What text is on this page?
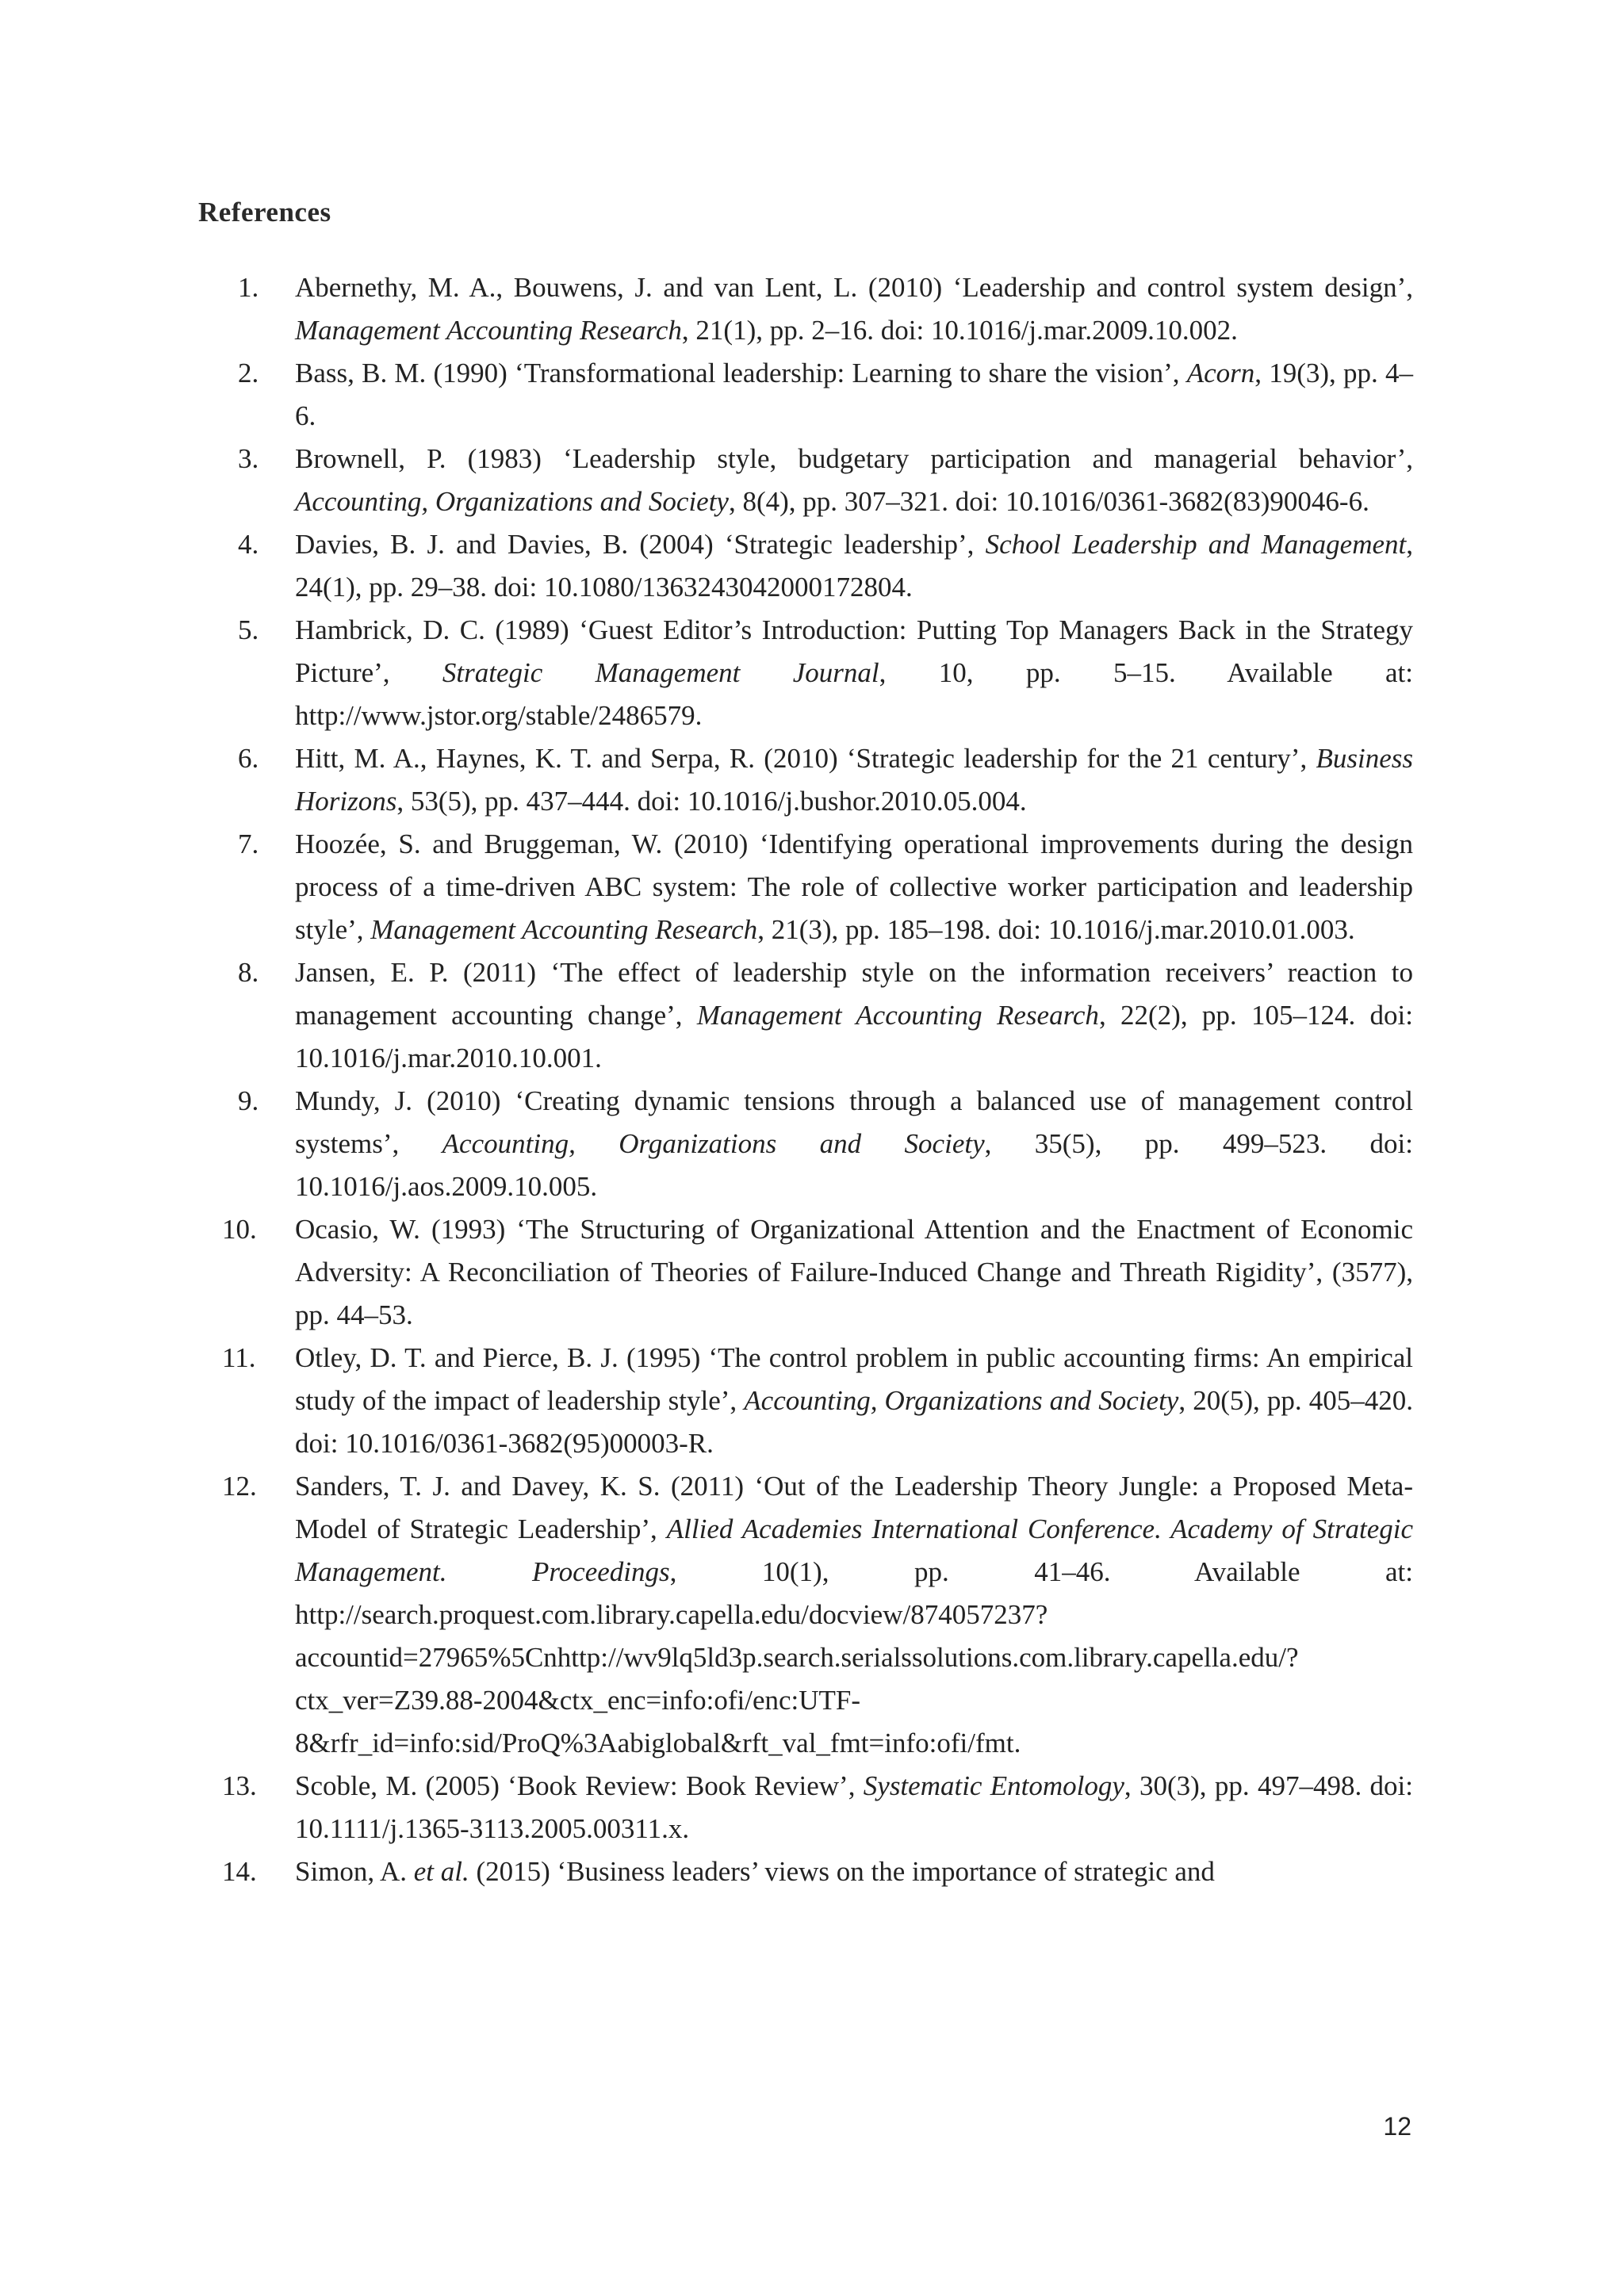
References
1.	Abernethy, M. A., Bouwens, J. and van Lent, L. (2010) ‘Leadership and control system design’, Management Accounting Research, 21(1), pp. 2–16. doi: 10.1016/j.mar.2009.10.002.
2.	Bass, B. M. (1990) ‘Transformational leadership: Learning to share the vision’, Acorn, 19(3), pp. 4–6.
3.	Brownell, P. (1983) ‘Leadership style, budgetary participation and managerial behavior’, Accounting, Organizations and Society, 8(4), pp. 307–321. doi: 10.1016/0361-3682(83)90046-6.
4.	Davies, B. J. and Davies, B. (2004) ‘Strategic leadership’, School Leadership and Management, 24(1), pp. 29–38. doi: 10.1080/1363243042000172804.
5.	Hambrick, D. C. (1989) ‘Guest Editor’s Introduction: Putting Top Managers Back in the Strategy Picture’, Strategic Management Journal, 10, pp. 5–15. Available at: http://www.jstor.org/stable/2486579.
6.	Hitt, M. A., Haynes, K. T. and Serpa, R. (2010) ‘Strategic leadership for the 21 century’, Business Horizons, 53(5), pp. 437–444. doi: 10.1016/j.bushor.2010.05.004.
7.	Hoozée, S. and Bruggeman, W. (2010) ‘Identifying operational improvements during the design process of a time-driven ABC system: The role of collective worker participation and leadership style’, Management Accounting Research, 21(3), pp. 185–198. doi: 10.1016/j.mar.2010.01.003.
8.	Jansen, E. P. (2011) ‘The effect of leadership style on the information receivers’ reaction to management accounting change’, Management Accounting Research, 22(2), pp. 105–124. doi: 10.1016/j.mar.2010.10.001.
9.	Mundy, J. (2010) ‘Creating dynamic tensions through a balanced use of management control systems’, Accounting, Organizations and Society, 35(5), pp. 499–523. doi: 10.1016/j.aos.2009.10.005.
10.	Ocasio, W. (1993) ‘The Structuring of Organizational Attention and the Enactment of Economic Adversity: A Reconciliation of Theories of Failure-Induced Change and Threath Rigidity’, (3577), pp. 44–53.
11.	Otley, D. T. and Pierce, B. J. (1995) ‘The control problem in public accounting firms: An empirical study of the impact of leadership style’, Accounting, Organizations and Society, 20(5), pp. 405–420. doi: 10.1016/0361-3682(95)00003-R.
12.	Sanders, T. J. and Davey, K. S. (2011) ‘Out of the Leadership Theory Jungle: a Proposed Meta-Model of Strategic Leadership’, Allied Academies International Conference. Academy of Strategic Management. Proceedings, 10(1), pp. 41–46. Available at: http://search.proquest.com.library.capella.edu/docview/874057237?accountid=27965%5Cnhttp://wv9lq5ld3p.search.serialssolutions.com.library.capella.edu/?ctx_ver=Z39.88-2004&ctx_enc=info:ofi/enc:UTF-8&rfr_id=info:sid/ProQ%3Aabiglobal&rft_val_fmt=info:ofi/fmt.
13.	Scoble, M. (2005) ‘Book Review: Book Review’, Systematic Entomology, 30(3), pp. 497–498. doi: 10.1111/j.1365-3113.2005.00311.x.
14.	Simon, A. et al. (2015) ‘Business leaders’ views on the importance of strategic and
12
